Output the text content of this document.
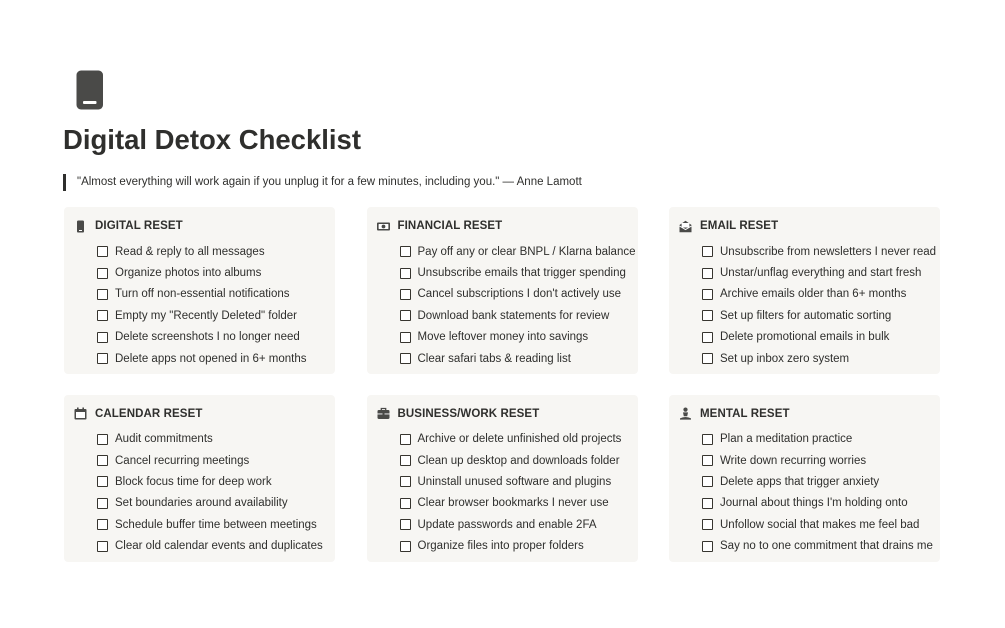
Digital Detox Checklist
"Almost everything will work again if you unplug it for a few minutes, including you." — Anne Lamott
DIGITAL RESET
Read & reply to all messages
Organize photos into albums
Turn off non-essential notifications
Empty my "Recently Deleted" folder
Delete screenshots I no longer need
Delete apps not opened in 6+ months
FINANCIAL RESET
Pay off any or clear BNPL / Klarna balance
Unsubscribe emails that trigger spending
Cancel subscriptions I don't actively use
Download bank statements for review
Move leftover money into savings
Clear safari tabs & reading list
EMAIL RESET
Unsubscribe from newsletters I never read
Unstar/unflag everything and start fresh
Archive emails older than 6+ months
Set up filters for automatic sorting
Delete promotional emails in bulk
Set up inbox zero system
CALENDAR RESET
Audit commitments
Cancel recurring meetings
Block focus time for deep work
Set boundaries around availability
Schedule buffer time between meetings
Clear old calendar events and duplicates
BUSINESS/WORK RESET
Archive or delete unfinished old projects
Clean up desktop and downloads folder
Uninstall unused software and plugins
Clear browser bookmarks I never use
Update passwords and enable 2FA
Organize files into proper folders
MENTAL RESET
Plan a meditation practice
Write down recurring worries
Delete apps that trigger anxiety
Journal about things I'm holding onto
Unfollow social that makes me feel bad
Say no to one commitment that drains me
